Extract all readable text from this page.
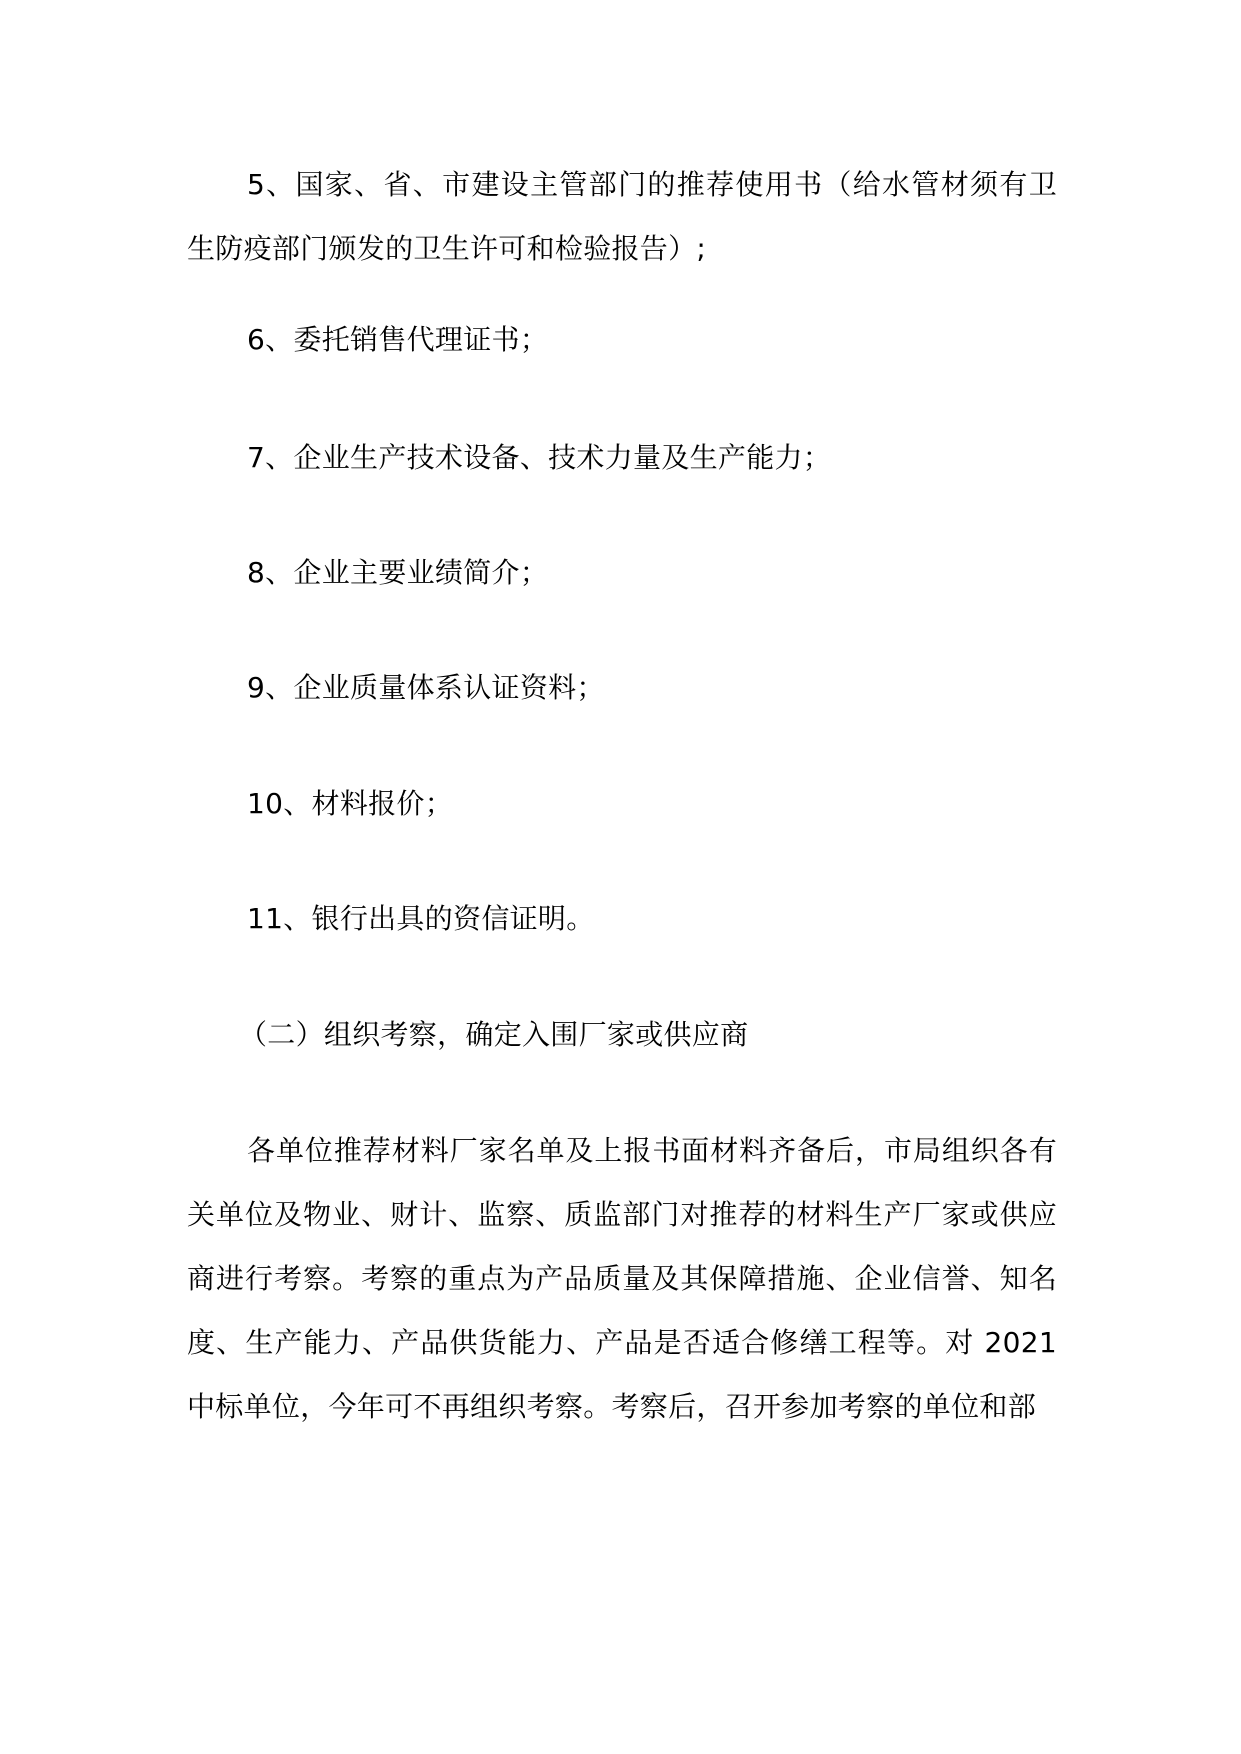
5、国家、省、市建设主管部门的推荐使用书（给水管材须有卫生防疫部门颁发的卫生许可和检验报告）;

6、委托销售代理证书；

7、企业生产技术设备、技术力量及生产能力；

8、企业主要业绩简介；

9、企业质量体系认证资料；

10、材料报价；

11、银行出具的资信证明。

（二）组织考察，确定入围厂家或供应商

各单位推荐材料厂家名单及上报书面材料齐备后，市局组织各有关单位及物业、财计、监察、质监部门对推荐的材料生产厂家或供应商进行考察。考察的重点为产品质量及其保障措施、企业信誉、知名度、生产能力、产品供货能力、产品是否适合修缮工程等。对 2021 中标单位，今年可不再组织考察。考察后，召开参加考察的单位和部
